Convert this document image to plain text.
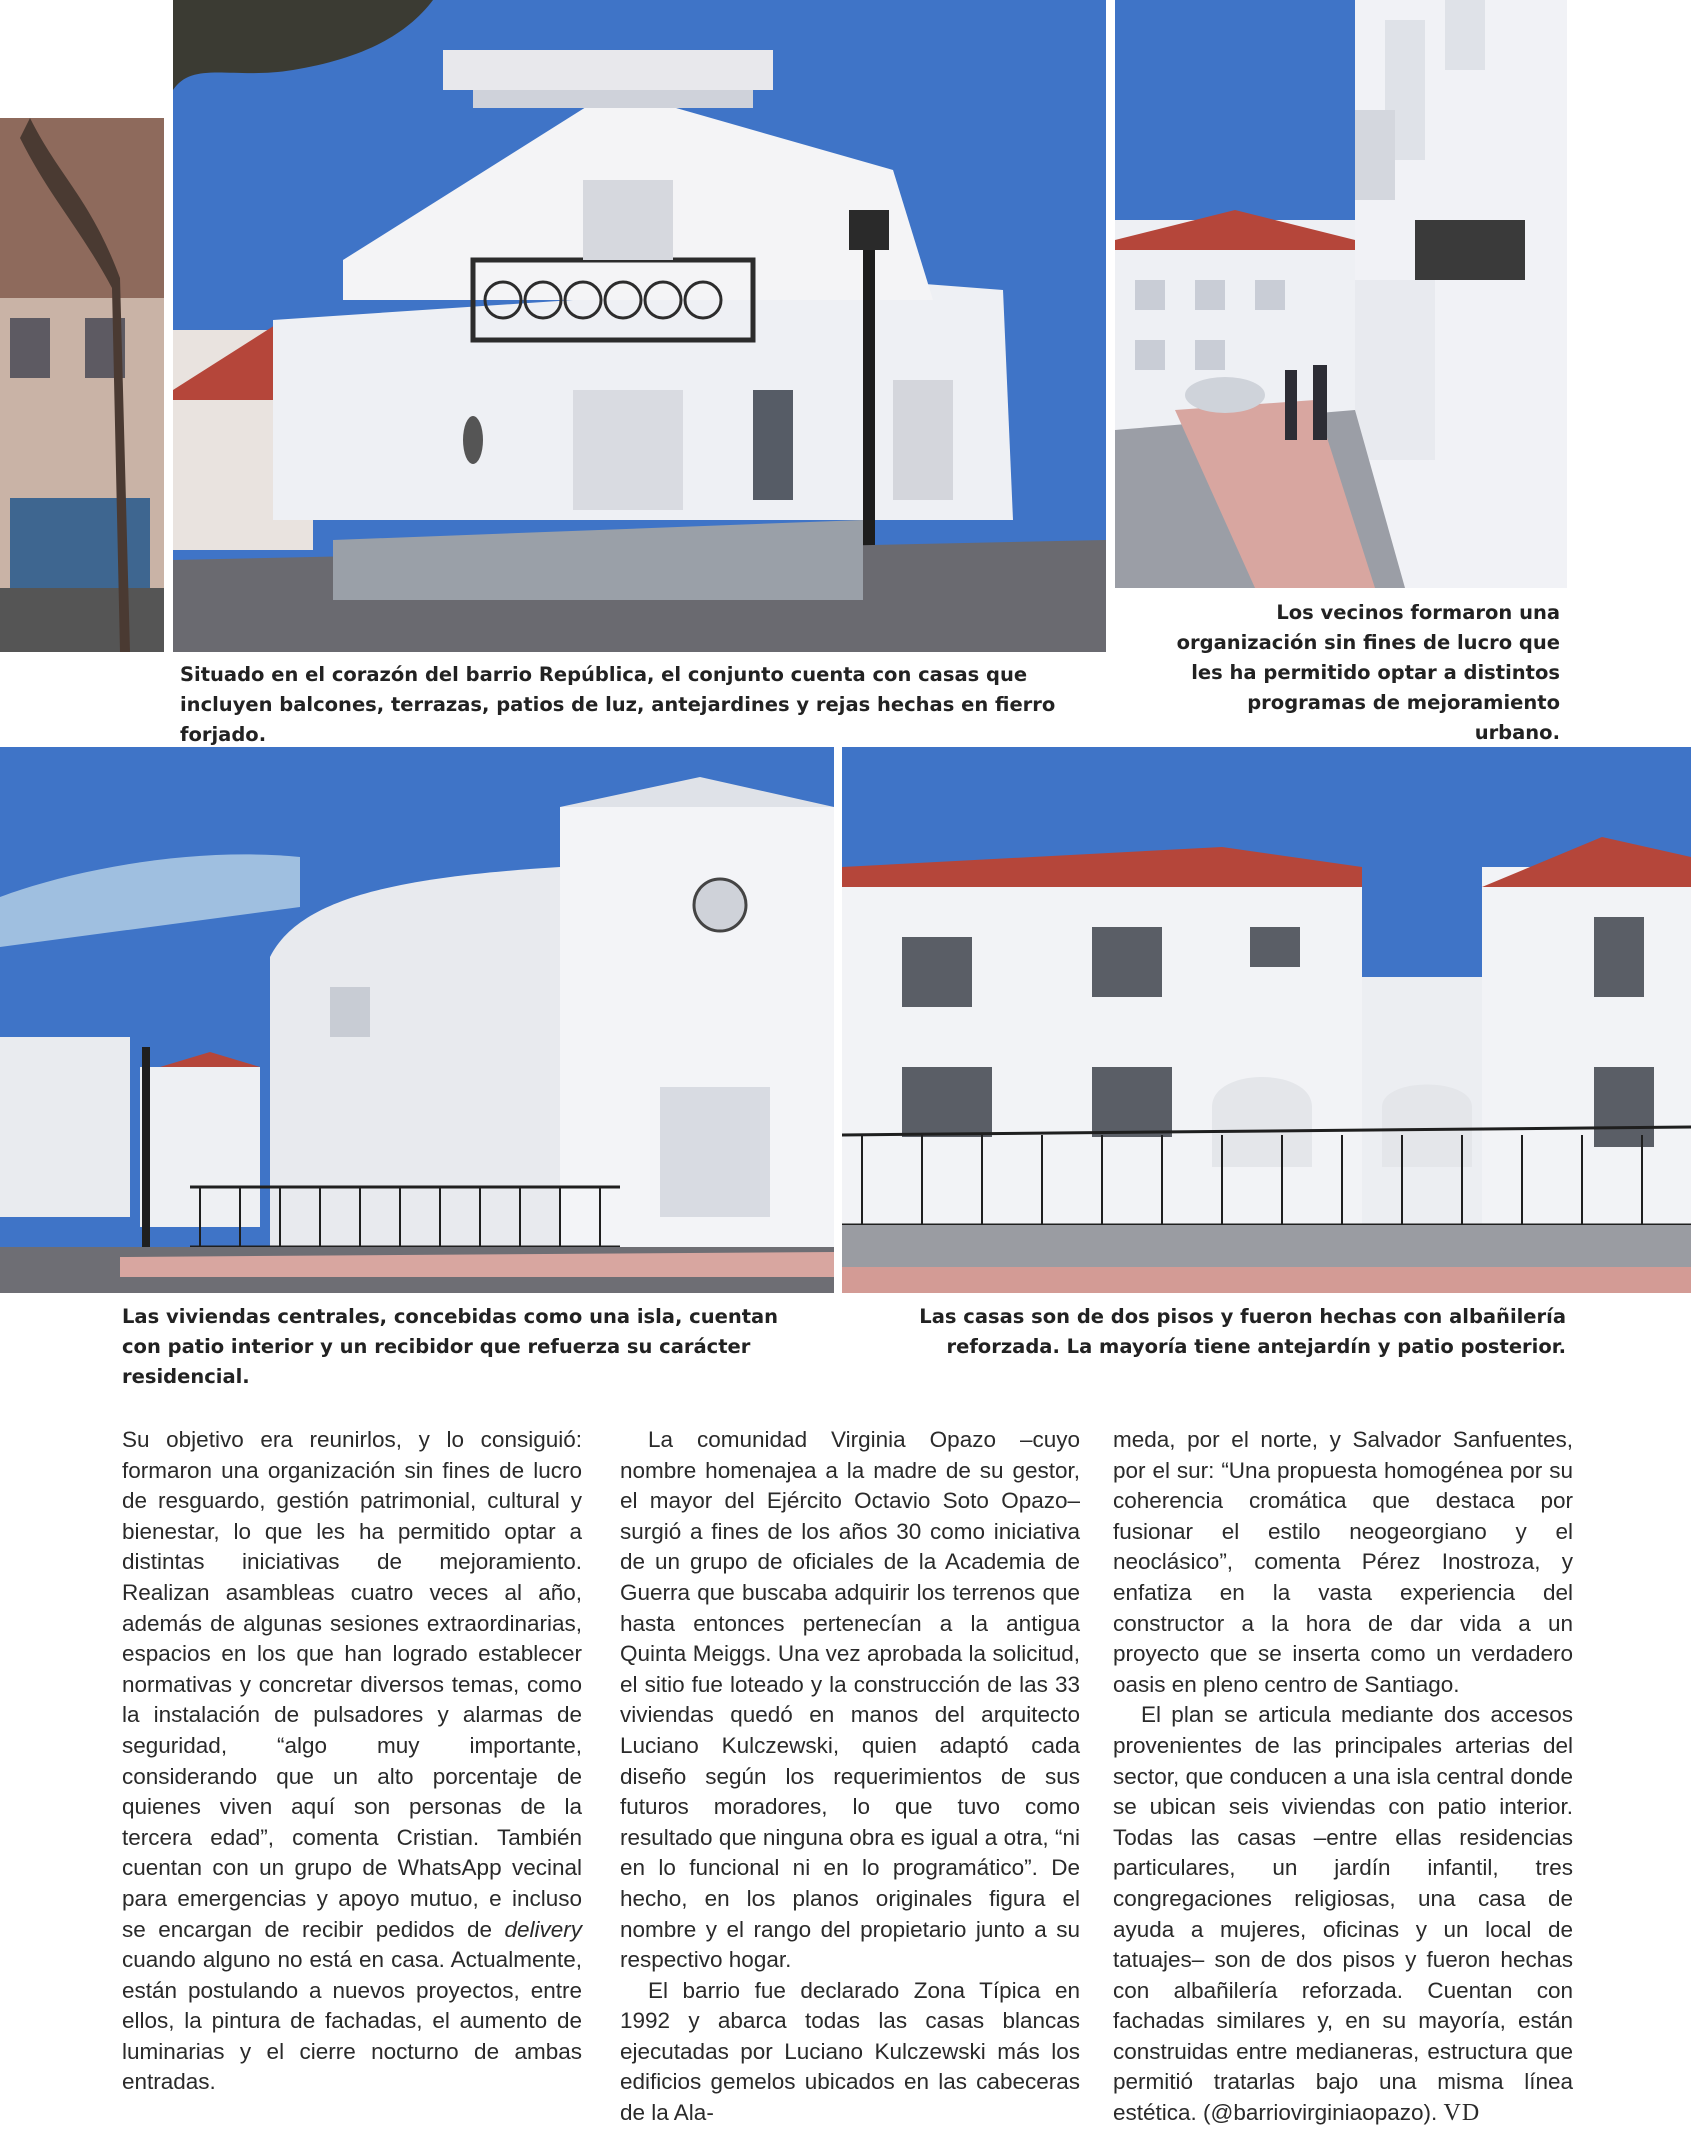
Situado en el corazón del barrio República, el conjunto cuenta con casas que incluyen balcones, terrazas, patios de luz, antejardines y rejas hechas en fierro forjado.
Los vecinos formaron una organización sin fines de lucro que les ha permitido optar a distintos programas de mejoramiento urbano.
Las viviendas centrales, concebidas como una isla, cuentan con patio interior y un recibidor que refuerza su carácter residencial.
Las casas son de dos pisos y fueron hechas con albañilería reforzada. La mayoría tiene antejardín y patio posterior.

Su objetivo era reunirlos, y lo consiguió: formaron una organización sin fines de lucro de resguardo, gestión patrimonial, cultural y bienestar, lo que les ha permitido optar a distintas iniciativas de mejoramiento. Realizan asambleas cuatro veces al año, además de algunas sesiones extraordinarias, espacios en los que han logrado establecer normativas y concretar diversos temas, como la instalación de pulsadores y alarmas de seguridad, “algo muy importante, considerando que un alto porcentaje de quienes viven aquí son personas de la tercera edad”, comenta Cristian. También cuentan con un grupo de WhatsApp vecinal para emergencias y apoyo mutuo, e incluso se encargan de recibir pedidos de delivery cuando alguno no está en casa. Actualmente, están postulando a nuevos proyectos, entre ellos, la pintura de fachadas, el aumento de luminarias y el cierre nocturno de ambas entradas.

La comunidad Virginia Opazo –cuyo nombre homenajea a la madre de su gestor, el mayor del Ejército Octavio Soto Opazo– surgió a fines de los años 30 como iniciativa de un grupo de oficiales de la Academia de Guerra que buscaba adquirir los terrenos que hasta entonces pertenecían a la antigua Quinta Meiggs. Una vez aprobada la solicitud, el sitio fue loteado y la construcción de las 33 viviendas quedó en manos del arquitecto Luciano Kulczewski, quien adaptó cada diseño según los requerimientos de sus futuros moradores, lo que tuvo como resultado que ninguna obra es igual a otra, “ni en lo funcional ni en lo programático”. De hecho, en los planos originales figura el nombre y el rango del propietario junto a su respectivo hogar.

El barrio fue declarado Zona Típica en 1992 y abarca todas las casas blancas ejecutadas por Luciano Kulczewski más los edificios gemelos ubicados en las cabeceras de la Ala-

meda, por el norte, y Salvador Sanfuentes, por el sur: “Una propuesta homogénea por su coherencia cromática que destaca por fusionar el estilo neogeorgiano y el neoclásico”, comenta Pérez Inostroza, y enfatiza en la vasta experiencia del constructor a la hora de dar vida a un proyecto que se inserta como un verdadero oasis en pleno centro de Santiago.

El plan se articula mediante dos accesos provenientes de las principales arterias del sector, que conducen a una isla central donde se ubican seis viviendas con patio interior. Todas las casas –entre ellas residencias particulares, un jardín infantil, tres congregaciones religiosas, una casa de ayuda a mujeres, oficinas y un local de tatuajes– son de dos pisos y fueron hechas con albañilería reforzada. Cuentan con fachadas similares y, en su mayoría, están construidas entre medianeras, estructura que permitió tratarlas bajo una misma línea estética. (@barriovirginiaopazo). VD
